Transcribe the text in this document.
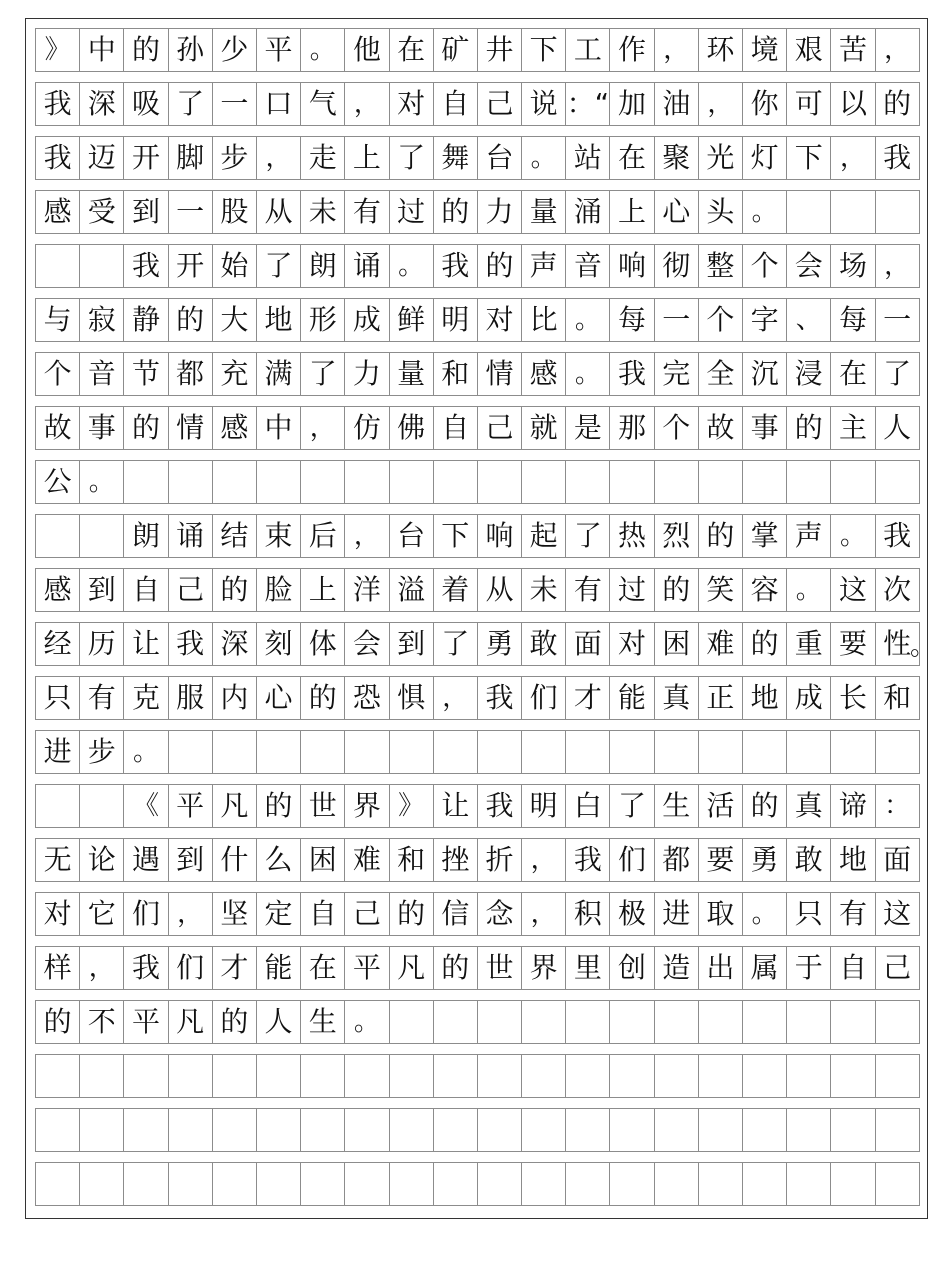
》 中 的 孙 少 平 。 他 在 矿 井 下 工 作 ， 环 境 艰 苦 ，
我 深 吸 了 一 口 气 ， 对 自 己 说 ：“ 加 油 ， 你 可 以 的
我 迈 开 脚 步 ， 走 上 了 舞 台 。 站 在 聚 光 灯 下 ， 我
感 受 到 一 股 从 未 有 过 的 力 量 涌 上 心 头 。
我 开 始 了 朗 诵 。 我 的 声 音 响 彻 整 个 会 场 ，
与 寂 静 的 大 地 形 成 鲜 明 对 比 。 每 一 个 字 、 每 一
个 音 节 都 充 满 了 力 量 和 情 感 。 我 完 全 沉 浸 在 了
故 事 的 情 感 中 ， 仿 佛 自 己 就 是 那 个 故 事 的 主 人
公 。
朗 诵 结 束 后 ， 台 下 响 起 了 热 烈 的 掌 声 。 我
感 到 自 己 的 脸 上 洋 溢 着 从 未 有 过 的 笑 容 。 这 次
经 历 让 我 深 刻 体 会 到 了 勇 敢 面 对 困 难 的 重 要 性
。
只 有 克 服 内 心 的 恐 惧 ， 我 们 才 能 真 正 地 成 长 和
进 步 。
《 平 凡 的 世 界 》 让 我 明 白 了 生 活 的 真 谛 ：
无 论 遇 到 什 么 困 难 和 挫 折 ， 我 们 都 要 勇 敢 地 面
对 它 们 ， 坚 定 自 己 的 信 念 ， 积 极 进 取 。 只 有 这
样 ， 我 们 才 能 在 平 凡 的 世 界 里 创 造 出 属 于 自 己
的 不 平 凡 的 人 生 。
